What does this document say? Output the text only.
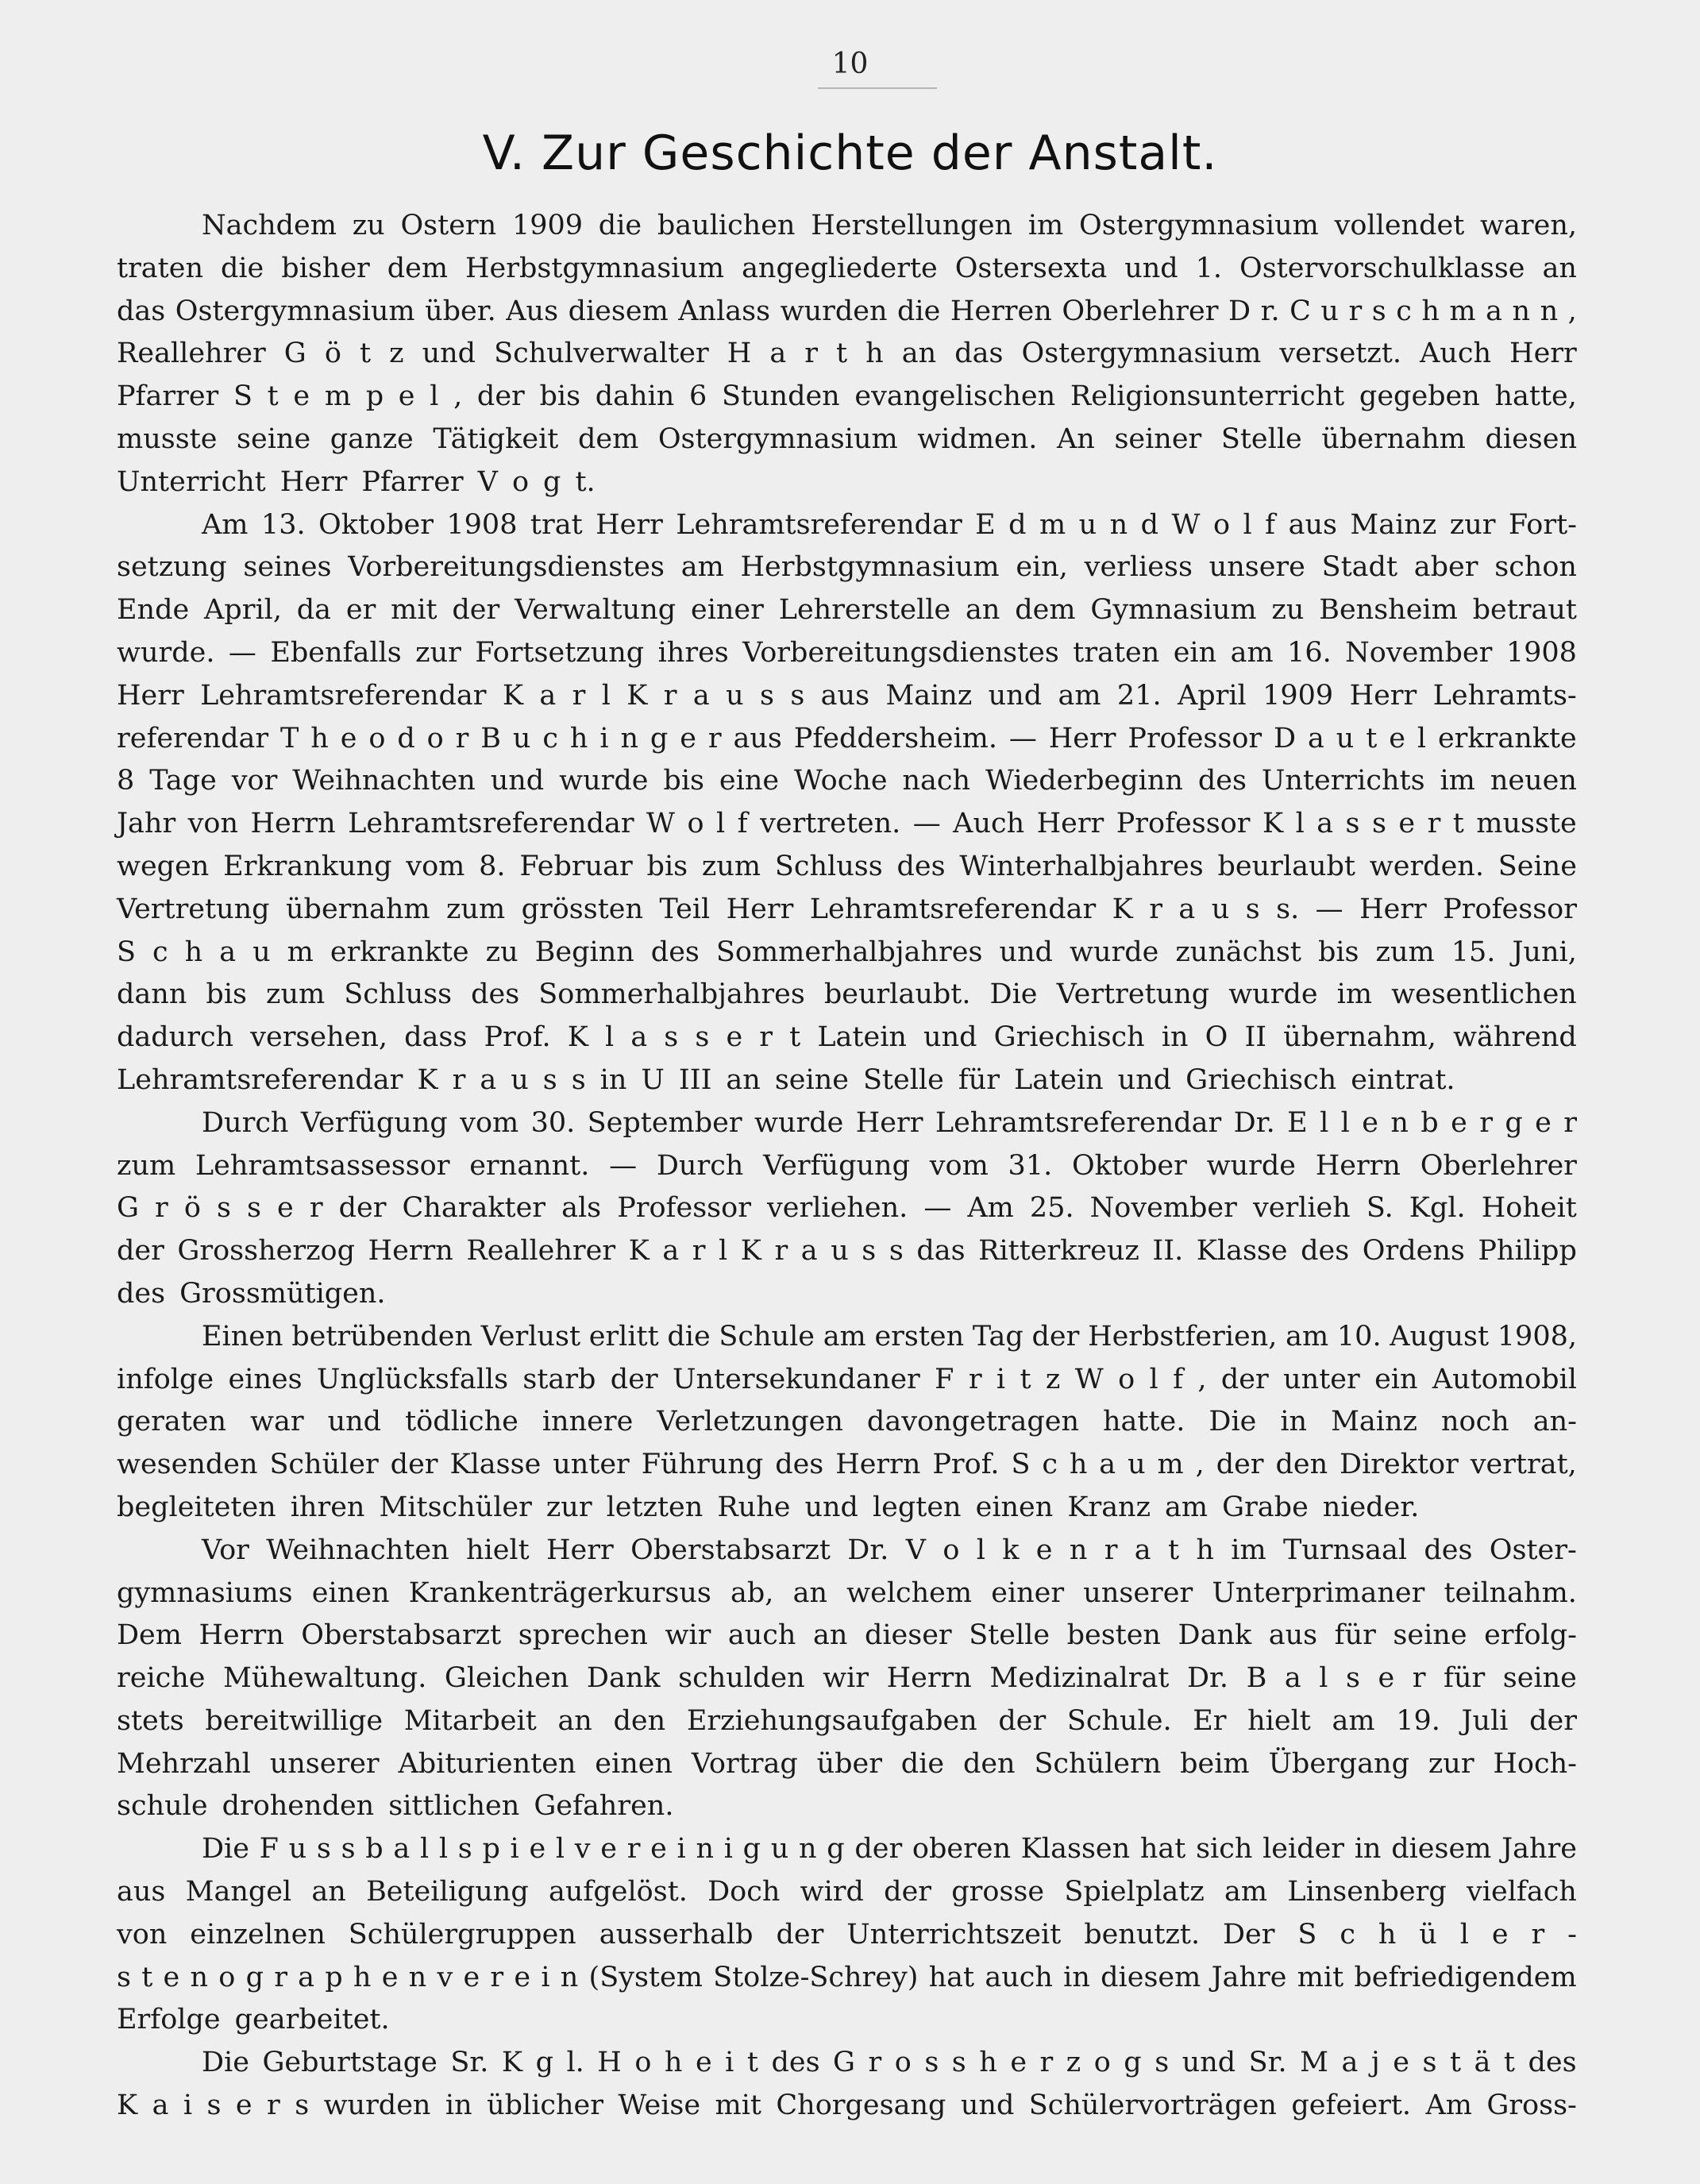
10
V. Zur Geschichte der Anstalt.
Nachdem zu Ostern 1909 die baulichen Herstellungen im Ostergymnasium vollendet waren,
traten die bisher dem Herbstgymnasium angegliederte Ostersexta und 1. Ostervorschulklasse an
das Ostergymnasium über. Aus diesem Anlass wurden die Herren Oberlehrer D r. C u r s c h m a n n ,
Reallehrer G ö t z und Schulverwalter H a r t h an das Ostergymnasium versetzt. Auch Herr
Pfarrer S t e m p e l , der bis dahin 6 Stunden evangelischen Religionsunterricht gegeben hatte,
musste seine ganze Tätigkeit dem Ostergymnasium widmen. An seiner Stelle übernahm diesen
Unterricht Herr Pfarrer V o g t.
Am 13. Oktober 1908 trat Herr Lehramtsreferendar E d m u n d W o l f aus Mainz zur Fort-
setzung seines Vorbereitungsdienstes am Herbstgymnasium ein, verliess unsere Stadt aber schon
Ende April, da er mit der Verwaltung einer Lehrerstelle an dem Gymnasium zu Bensheim betraut
wurde. — Ebenfalls zur Fortsetzung ihres Vorbereitungsdienstes traten ein am 16. November 1908
Herr Lehramtsreferendar K a r l K r a u s s aus Mainz und am 21. April 1909 Herr Lehramts-
referendar T h e o d o r B u c h i n g e r aus Pfeddersheim. — Herr Professor D a u t e l erkrankte
8 Tage vor Weihnachten und wurde bis eine Woche nach Wiederbeginn des Unterrichts im neuen
Jahr von Herrn Lehramtsreferendar W o l f vertreten. — Auch Herr Professor K l a s s e r t musste
wegen Erkrankung vom 8. Februar bis zum Schluss des Winterhalbjahres beurlaubt werden. Seine
Vertretung übernahm zum grössten Teil Herr Lehramtsreferendar K r a u s s. — Herr Professor
S c h a u m erkrankte zu Beginn des Sommerhalbjahres und wurde zunächst bis zum 15. Juni,
dann bis zum Schluss des Sommerhalbjahres beurlaubt. Die Vertretung wurde im wesentlichen
dadurch versehen, dass Prof. K l a s s e r t Latein und Griechisch in O II übernahm, während
Lehramtsreferendar K r a u s s in U III an seine Stelle für Latein und Griechisch eintrat.
Durch Verfügung vom 30. September wurde Herr Lehramtsreferendar Dr. E l l e n b e r g e r
zum Lehramtsassessor ernannt. — Durch Verfügung vom 31. Oktober wurde Herrn Oberlehrer
G r ö s s e r der Charakter als Professor verliehen. — Am 25. November verlieh S. Kgl. Hoheit
der Grossherzog Herrn Reallehrer K a r l K r a u s s das Ritterkreuz II. Klasse des Ordens Philipp
des Grossmütigen.
Einen betrübenden Verlust erlitt die Schule am ersten Tag der Herbstferien, am 10. August 1908,
infolge eines Unglücksfalls starb der Untersekundaner F r i t z W o l f , der unter ein Automobil
geraten war und tödliche innere Verletzungen davongetragen hatte. Die in Mainz noch an-
wesenden Schüler der Klasse unter Führung des Herrn Prof. S c h a u m , der den Direktor vertrat,
begleiteten ihren Mitschüler zur letzten Ruhe und legten einen Kranz am Grabe nieder.
Vor Weihnachten hielt Herr Oberstabsarzt Dr. V o l k e n r a t h im Turnsaal des Oster-
gymnasiums einen Krankenträgerkursus ab, an welchem einer unserer Unterprimaner teilnahm.
Dem Herrn Oberstabsarzt sprechen wir auch an dieser Stelle besten Dank aus für seine erfolg-
reiche Mühewaltung. Gleichen Dank schulden wir Herrn Medizinalrat Dr. B a l s e r für seine
stets bereitwillige Mitarbeit an den Erziehungsaufgaben der Schule. Er hielt am 19. Juli der
Mehrzahl unserer Abiturienten einen Vortrag über die den Schülern beim Übergang zur Hoch-
schule drohenden sittlichen Gefahren.
Die F u s s b a l l s p i e l v e r e i n i g u n g der oberen Klassen hat sich leider in diesem Jahre
aus Mangel an Beteiligung aufgelöst. Doch wird der grosse Spielplatz am Linsenberg vielfach
von einzelnen Schülergruppen ausserhalb der Unterrichtszeit benutzt. Der S c h ü l e r -
s t e n o g r a p h e n v e r e i n (System Stolze-Schrey) hat auch in diesem Jahre mit befriedigendem
Erfolge gearbeitet.
Die Geburtstage Sr. K g l. H o h e i t des G r o s s h e r z o g s und Sr. M a j e s t ä t des
K a i s e r s wurden in üblicher Weise mit Chorgesang und Schülervorträgen gefeiert. Am Gross-
